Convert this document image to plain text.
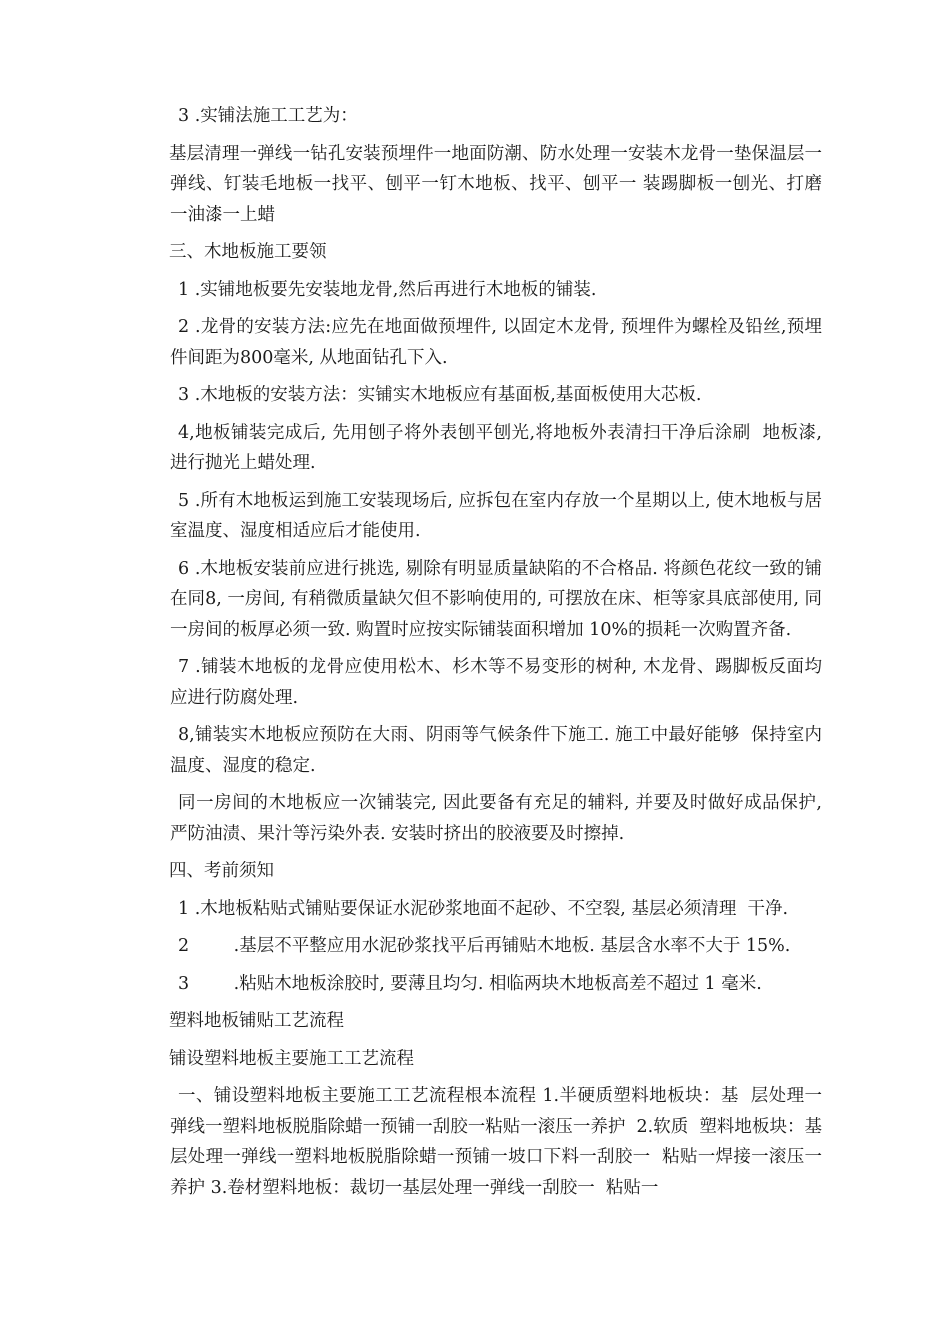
3 .实铺法施工工艺为：

基层清理一弹线一钻孔安装预埋件一地面防潮、防水处理一安装木龙骨一垫保温层一弹线、钉装毛地板一找平、刨平一钉木地板、找平、刨平一 装踢脚板一刨光、打磨一油漆一上蜡

三、木地板施工要领

1 .实铺地板要先安装地龙骨,然后再进行木地板的铺装.

2 .龙骨的安装方法:应先在地面做预埋件, 以固定木龙骨, 预埋件为螺栓及铅丝,预埋件间距为800毫米, 从地面钻孔下入.

3 .木地板的安装方法：实铺实木地板应有基面板,基面板使用大芯板.

4,地板铺装完成后, 先用刨子将外表刨平刨光,将地板外表清扫干净后涂刷  地板漆, 进行抛光上蜡处理.

5 .所有木地板运到施工安装现场后, 应拆包在室内存放一个星期以上, 使木地板与居室温度、湿度相适应后才能使用.

6 .木地板安装前应进行挑选, 剔除有明显质量缺陷的不合格品. 将颜色花纹一致的铺在同8, 一房间, 有稍微质量缺欠但不影响使用的, 可摆放在床、柜等家具底部使用, 同一房间的板厚必须一致. 购置时应按实际铺装面积增加 10%的损耗一次购置齐备.

7 .铺装木地板的龙骨应使用松木、杉木等不易变形的树种, 木龙骨、踢脚板反面均应进行防腐处理.

8,铺装实木地板应预防在大雨、阴雨等气候条件下施工. 施工中最好能够  保持室内温度、湿度的稳定.

同一房间的木地板应一次铺装完, 因此要备有充足的辅料, 并要及时做好成品保护, 严防油渍、果汁等污染外表. 安装时挤出的胶液要及时擦掉.

四、考前须知

1 .木地板粘贴式铺贴要保证水泥砂浆地面不起砂、不空裂, 基层必须清理  干净.

2        .基层不平整应用水泥砂浆找平后再铺贴木地板. 基层含水率不大于 15%.

3        .粘贴木地板涂胶时, 要薄且均匀. 相临两块木地板高差不超过 1 毫米.

塑料地板铺贴工艺流程

铺设塑料地板主要施工工艺流程

一、铺设塑料地板主要施工工艺流程根本流程 1.半硬质塑料地板块：基  层处理一弹线一塑料地板脱脂除蜡一预铺一刮胶一粘贴一滚压一养护  2.软质  塑料地板块：基层处理一弹线一塑料地板脱脂除蜡一预铺一坡口下料一刮胶一  粘贴一焊接一滚压一养护 3.卷材塑料地板：裁切一基层处理一弹线一刮胶一  粘贴一
